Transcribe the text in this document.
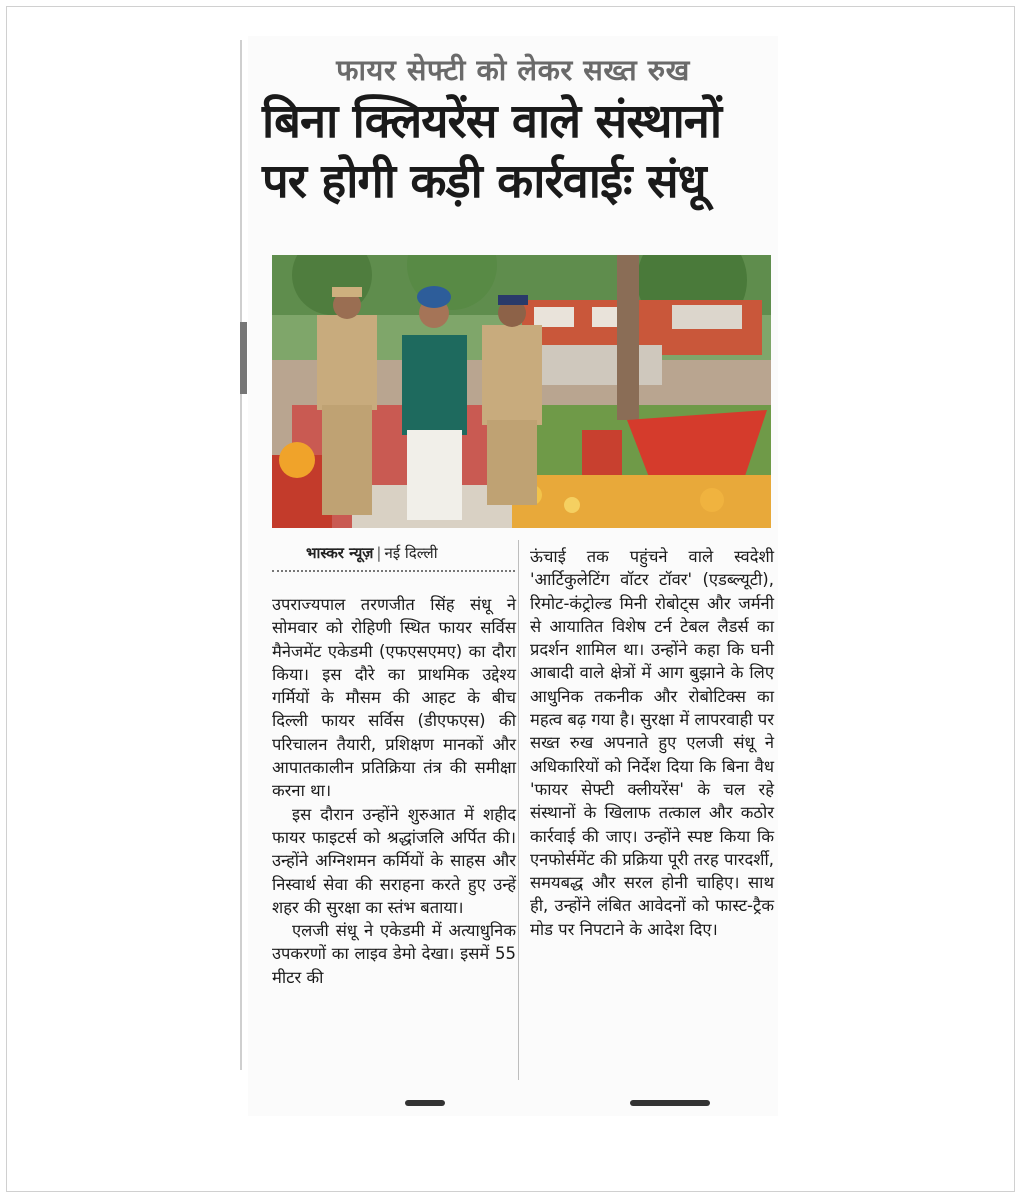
फायर सेफ्टी को लेकर सख्त रुख
बिना क्लियरेंस वाले संस्थानों
पर होगी कड़ी कार्रवाईः संधू
भास्कर न्यूज़ | नई दिल्ली

उपराज्यपाल तरणजीत सिंह संधू ने सोमवार को रोहिणी स्थित फायर सर्विस मैनेजमेंट एकेडमी (एफएसएमए) का दौरा किया। इस दौरे का प्राथमिक उद्देश्य गर्मियों के मौसम की आहट के बीच दिल्ली फायर सर्विस (डीएफएस) की परिचालन तैयारी, प्रशिक्षण मानकों और आपातकालीन प्रतिक्रिया तंत्र की समीक्षा करना था।

इस दौरान उन्होंने शुरुआत में शहीद फायर फाइटर्स को श्रद्धांजलि अर्पित की। उन्होंने अग्निशमन कर्मियों के साहस और निस्वार्थ सेवा की सराहना करते हुए उन्हें शहर की सुरक्षा का स्तंभ बताया।

एलजी संधू ने एकेडमी में अत्याधुनिक उपकरणों का लाइव डेमो देखा। इसमें 55 मीटर की

ऊंचाई तक पहुंचने वाले स्वदेशी 'आर्टिकुलेटिंग वॉटर टॉवर' (एडब्ल्यूटी), रिमोट-कंट्रोल्ड मिनी रोबोट्स और जर्मनी से आयातित विशेष टर्न टेबल लैडर्स का प्रदर्शन शामिल था। उन्होंने कहा कि घनी आबादी वाले क्षेत्रों में आग बुझाने के लिए आधुनिक तकनीक और रोबोटिक्स का महत्व बढ़ गया है। सुरक्षा में लापरवाही पर सख्त रुख अपनाते हुए एलजी संधू ने अधिकारियों को निर्देश दिया कि बिना वैध 'फायर सेफ्टी क्लीयरेंस' के चल रहे संस्थानों के खिलाफ तत्काल और कठोर कार्रवाई की जाए। उन्होंने स्पष्ट किया कि एनफोर्समेंट की प्रक्रिया पूरी तरह पारदर्शी, समयबद्ध और सरल होनी चाहिए। साथ ही, उन्होंने लंबित आवेदनों को फास्ट-ट्रैक मोड पर निपटाने के आदेश दिए।
